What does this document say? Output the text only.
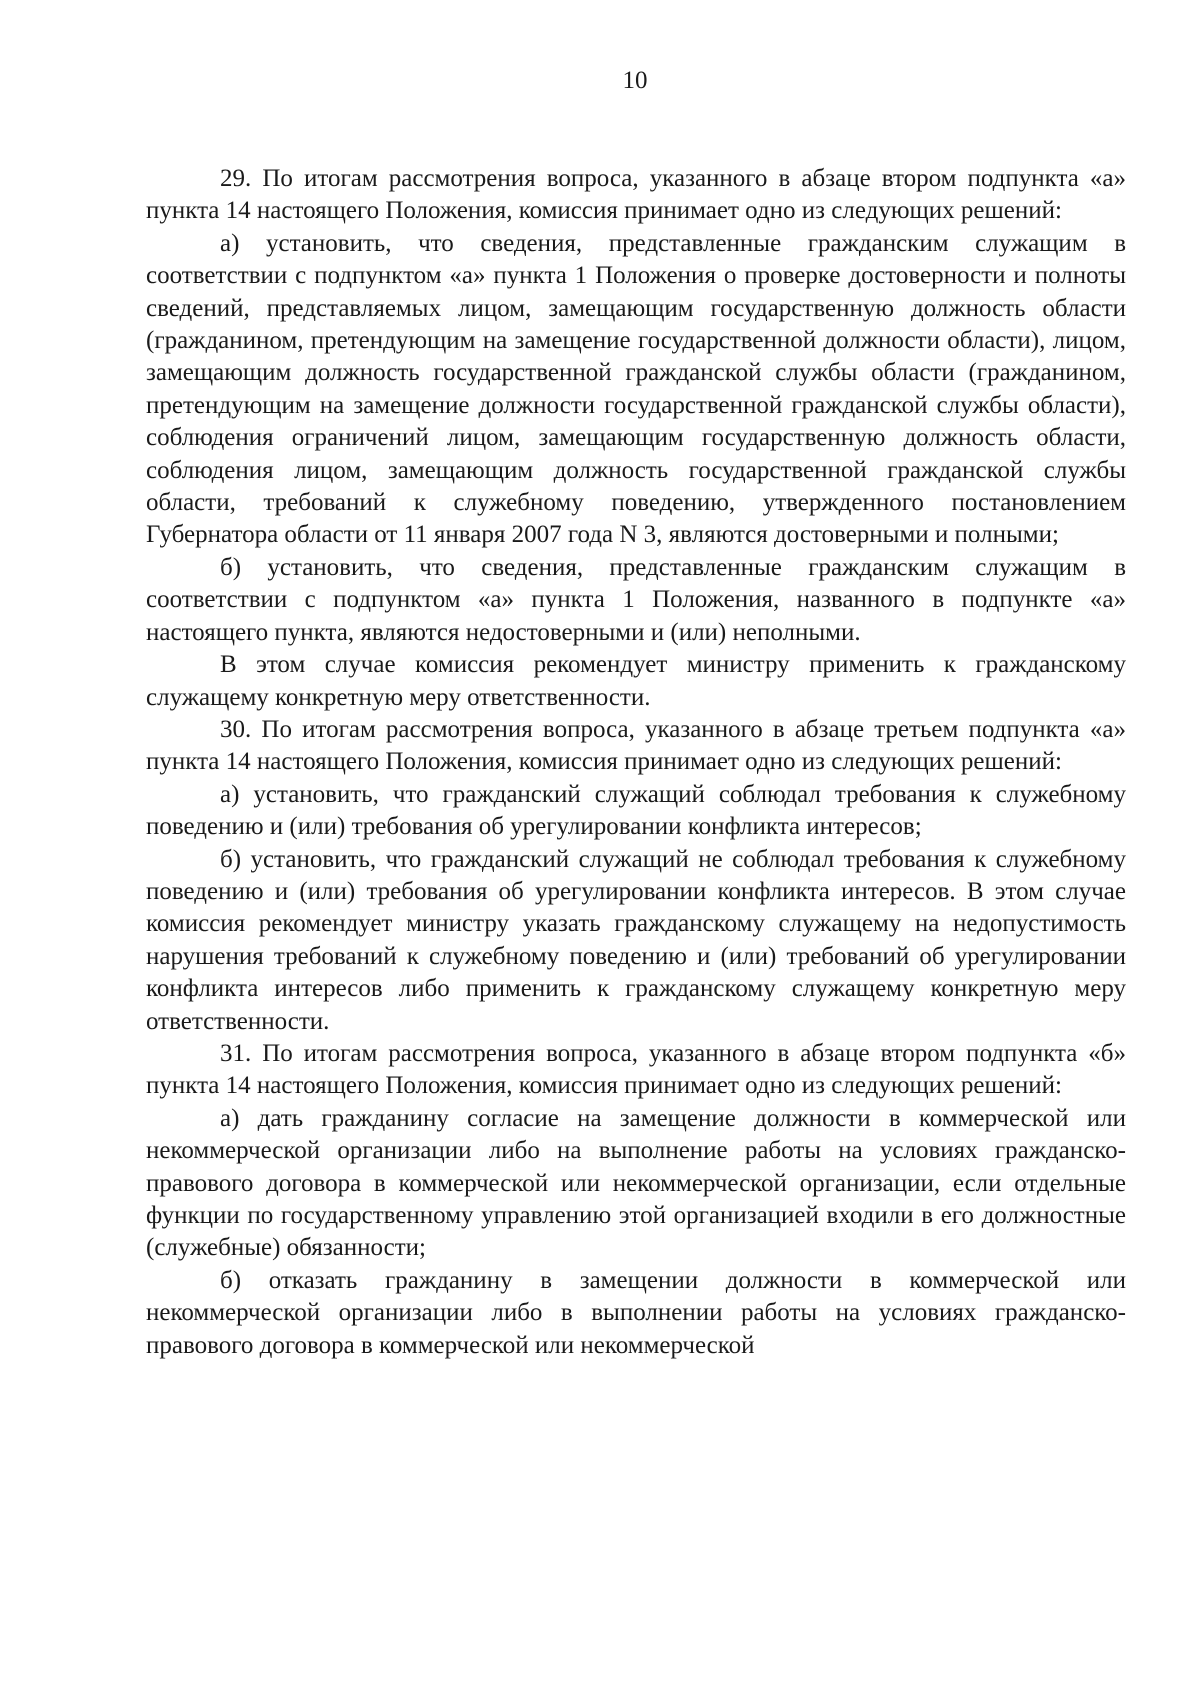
10

29. По итогам рассмотрения вопроса, указанного в абзаце втором подпункта «а» пункта 14 настоящего Положения, комиссия принимает одно из следующих решений:

а) установить, что сведения, представленные гражданским служащим в соответствии с подпунктом «а» пункта 1 Положения о проверке достоверности и полноты сведений, представляемых лицом, замещающим государственную должность области (гражданином, претендующим на замещение государственной должности области), лицом, замещающим должность государственной гражданской службы области (гражданином, претендующим на замещение должности государственной гражданской службы области), соблюдения ограничений лицом, замещающим государственную должность области, соблюдения лицом, замещающим должность государственной гражданской службы области, требований к служебному поведению, утвержденного постановлением Губернатора области от 11 января 2007 года N 3, являются достоверными и полными;

б) установить, что сведения, представленные гражданским служащим в соответствии с подпунктом «а» пункта 1 Положения, названного в подпункте «а» настоящего пункта, являются недостоверными и (или) неполными.

В этом случае комиссия рекомендует министру применить к гражданскому служащему конкретную меру ответственности.

30. По итогам рассмотрения вопроса, указанного в абзаце третьем подпункта «а» пункта 14 настоящего Положения, комиссия принимает одно из следующих решений:

а) установить, что гражданский служащий соблюдал требования к служебному поведению и (или) требования об урегулировании конфликта интересов;

б) установить, что гражданский служащий не соблюдал требования к служебному поведению и (или) требования об урегулировании конфликта интересов. В этом случае комиссия рекомендует министру указать гражданскому служащему на недопустимость нарушения требований к служебному поведению и (или) требований об урегулировании конфликта интересов либо применить к гражданскому служащему конкретную меру ответственности.

31. По итогам рассмотрения вопроса, указанного в абзаце втором подпункта «б» пункта 14 настоящего Положения, комиссия принимает одно из следующих решений:

а) дать гражданину согласие на замещение должности в коммерческой или некоммерческой организации либо на выполнение работы на условиях гражданско-правового договора в коммерческой или некоммерческой организации, если отдельные функции по государственному управлению этой организацией входили в его должностные (служебные) обязанности;

б) отказать гражданину в замещении должности в коммерческой или некоммерческой организации либо в выполнении работы на условиях гражданско-правового договора в коммерческой или некоммерческой
